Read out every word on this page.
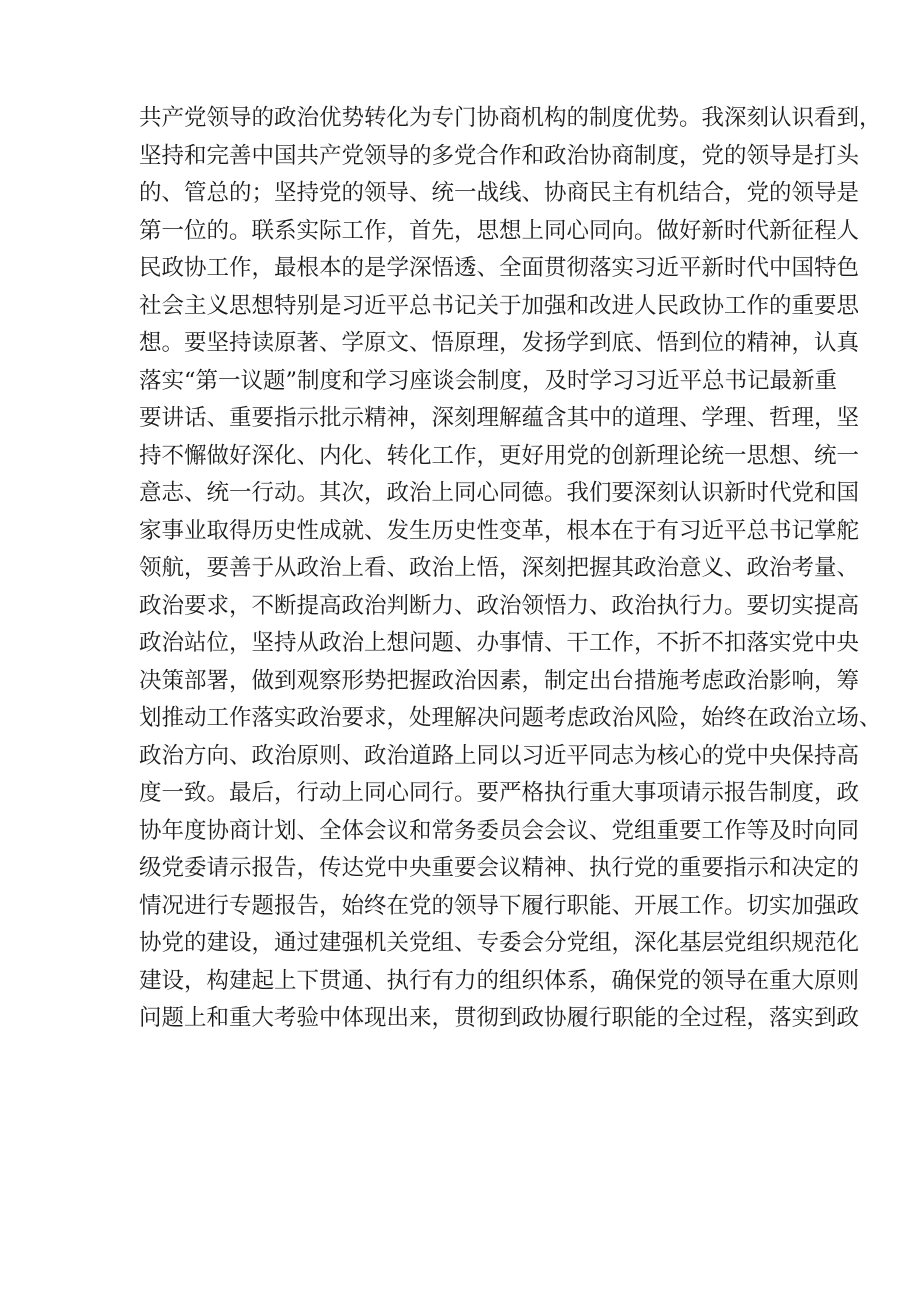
共产党领导的政治优势转化为专门协商机构的制度优势。我深刻认识看到，
坚持和完善中国共产党领导的多党合作和政治协商制度，党的领导是打头
的、管总的；坚持党的领导、统一战线、协商民主有机结合，党的领导是
第一位的。联系实际工作，首先，思想上同心同向。做好新时代新征程人
民政协工作，最根本的是学深悟透、全面贯彻落实习近平新时代中国特色
社会主义思想特别是习近平总书记关于加强和改进人民政协工作的重要思
想。要坚持读原著、学原文、悟原理，发扬学到底、悟到位的精神，认真
落实“第一议题”制度和学习座谈会制度，及时学习习近平总书记最新重
要讲话、重要指示批示精神，深刻理解蕴含其中的道理、学理、哲理，坚
持不懈做好深化、内化、转化工作，更好用党的创新理论统一思想、统一
意志、统一行动。其次，政治上同心同德。我们要深刻认识新时代党和国
家事业取得历史性成就、发生历史性变革，根本在于有习近平总书记掌舵
领航，要善于从政治上看、政治上悟，深刻把握其政治意义、政治考量、
政治要求，不断提高政治判断力、政治领悟力、政治执行力。要切实提高
政治站位，坚持从政治上想问题、办事情、干工作，不折不扣落实党中央
决策部署，做到观察形势把握政治因素，制定出台措施考虑政治影响，筹
划推动工作落实政治要求，处理解决问题考虑政治风险，始终在政治立场、
政治方向、政治原则、政治道路上同以习近平同志为核心的党中央保持高
度一致。最后，行动上同心同行。要严格执行重大事项请示报告制度，政
协年度协商计划、全体会议和常务委员会会议、党组重要工作等及时向同
级党委请示报告，传达党中央重要会议精神、执行党的重要指示和决定的
情况进行专题报告，始终在党的领导下履行职能、开展工作。切实加强政
协党的建设，通过建强机关党组、专委会分党组，深化基层党组织规范化
建设，构建起上下贯通、执行有力的组织体系，确保党的领导在重大原则
问题上和重大考验中体现出来，贯彻到政协履行职能的全过程，落实到政
